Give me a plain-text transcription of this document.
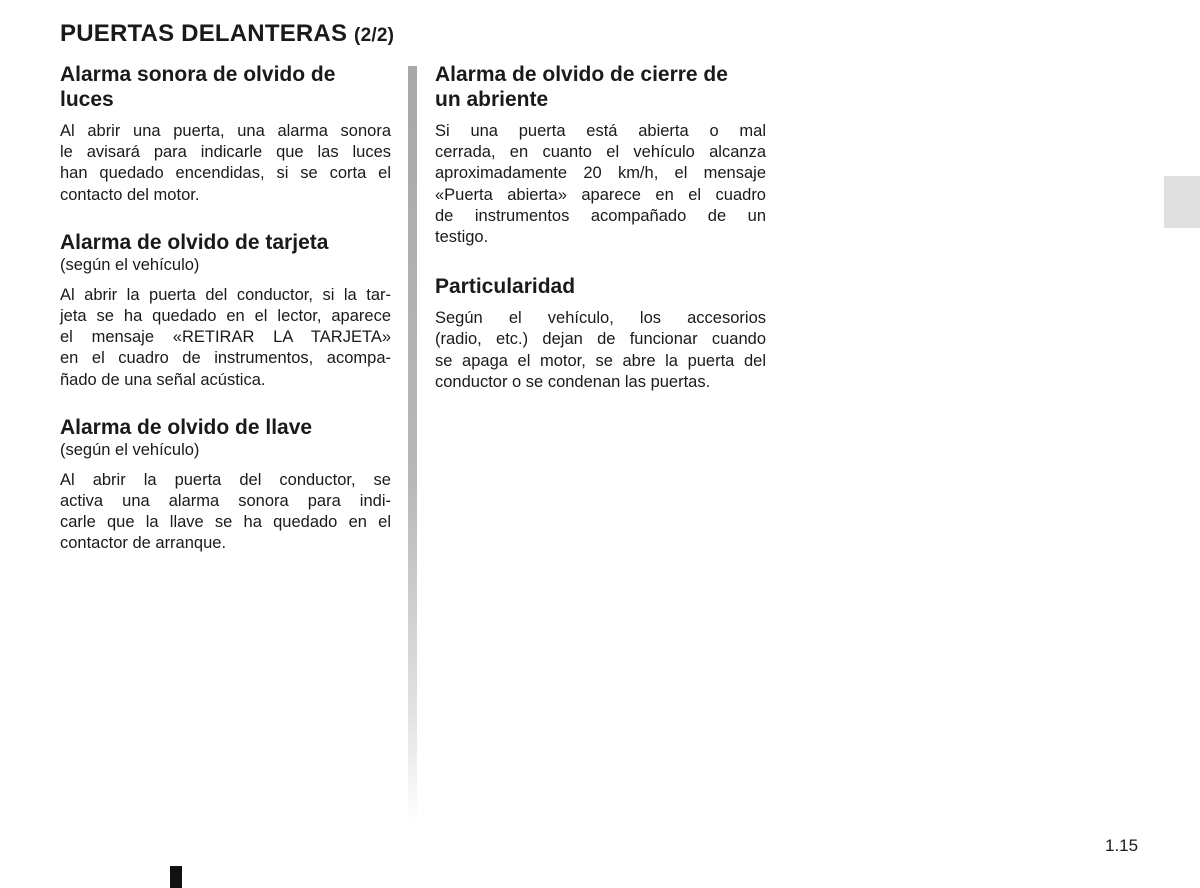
PUERTAS DELANTERAS (2/2)
Alarma sonora de olvido de
luces

Al abrir una puerta, una alarma sonora
le avisará para indicarle que las luces
han quedado encendidas, si se corta el
contacto del motor.

Alarma de olvido de tarjeta

(según el vehículo)

Al abrir la puerta del conductor, si la tar-
jeta se ha quedado en el lector, aparece
el mensaje «RETIRAR LA TARJETA»
en el cuadro de instrumentos, acompa-
ñado de una señal acústica.

Alarma de olvido de llave

(según el vehículo)

Al abrir la puerta del conductor, se
activa una alarma sonora para indi-
carle que la llave se ha quedado en el
contactor de arranque.

Alarma de olvido de cierre de
un abriente

Si una puerta está abierta o mal
cerrada, en cuanto el vehículo alcanza
aproximadamente 20 km/h, el mensaje
«Puerta abierta» aparece en el cuadro
de instrumentos acompañado de un
testigo.

Particularidad

Según el vehículo, los accesorios
(radio, etc.) dejan de funcionar cuando
se apaga el motor, se abre la puerta del
conductor o se condenan las puertas.

1.15
